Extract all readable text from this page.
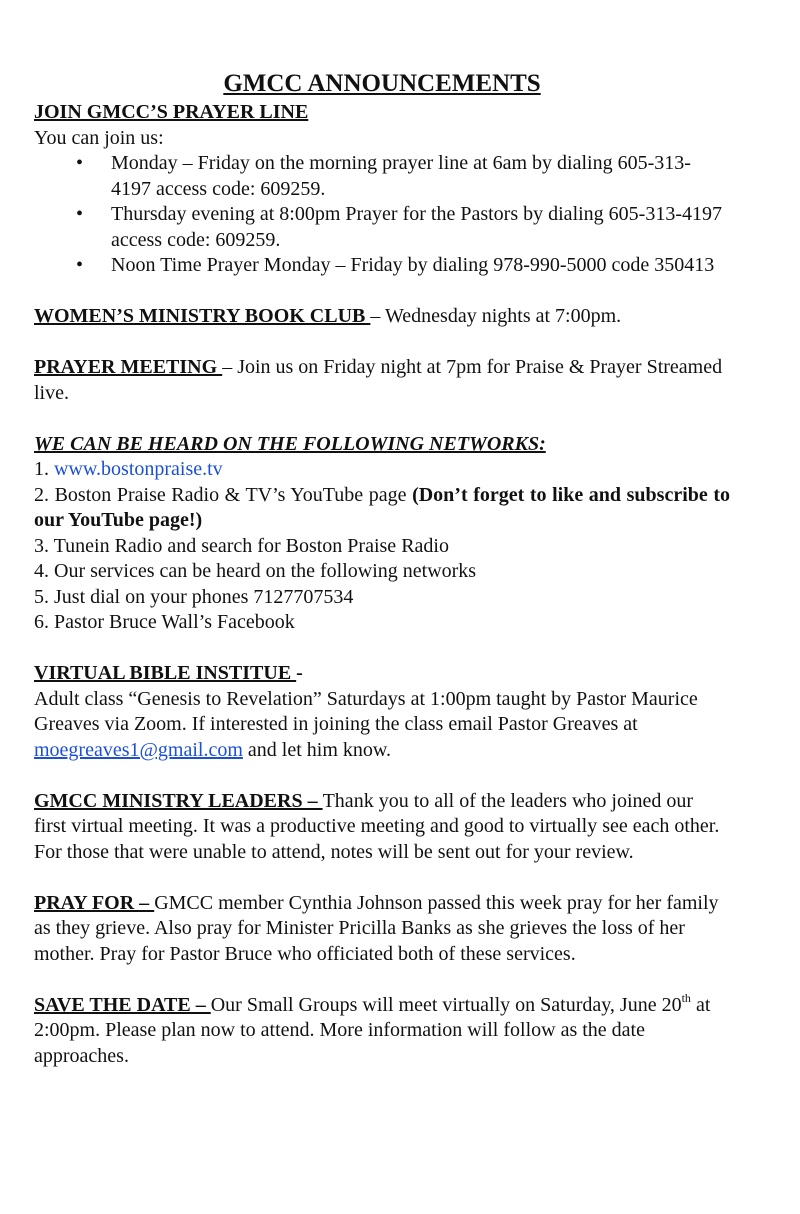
GMCC ANNOUNCEMENTS

JOIN GMCC’S PRAYER LINE

You can join us:

• Monday – Friday on the morning prayer line at 6am by dialing 605-313-4197 access code: 609259.
• Thursday evening at 8:00pm Prayer for the Pastors by dialing 605-313-4197 access code: 609259.
• Noon Time Prayer Monday – Friday by dialing 978-990-5000 code 350413

WOMEN’S MINISTRY BOOK CLUB – Wednesday nights at 7:00pm.

PRAYER MEETING – Join us on Friday night at 7pm for Praise & Prayer Streamed live.

WE CAN BE HEARD ON THE FOLLOWING NETWORKS:

1. www.bostonpraise.tv

2. Boston Praise Radio & TV’s YouTube page (Don’t forget to like and subscribe to our YouTube page!)

3. Tunein Radio and search for Boston Praise Radio

4. Our services can be heard on the following networks

5. Just dial on your phones 7127707534

6. Pastor Bruce Wall’s Facebook

VIRTUAL BIBLE INSTITUE -

Adult class “Genesis to Revelation” Saturdays at 1:00pm taught by Pastor Maurice Greaves via Zoom. If interested in joining the class email Pastor Greaves at moegreaves1@gmail.com and let him know.

GMCC MINISTRY LEADERS – Thank you to all of the leaders who joined our first virtual meeting. It was a productive meeting and good to virtually see each other. For those that were unable to attend, notes will be sent out for your review.

PRAY FOR – GMCC member Cynthia Johnson passed this week pray for her family as they grieve. Also pray for Minister Pricilla Banks as she grieves the loss of her mother. Pray for Pastor Bruce who officiated both of these services.

SAVE THE DATE – Our Small Groups will meet virtually on Saturday, June 20th at 2:00pm. Please plan now to attend. More information will follow as the date approaches.
